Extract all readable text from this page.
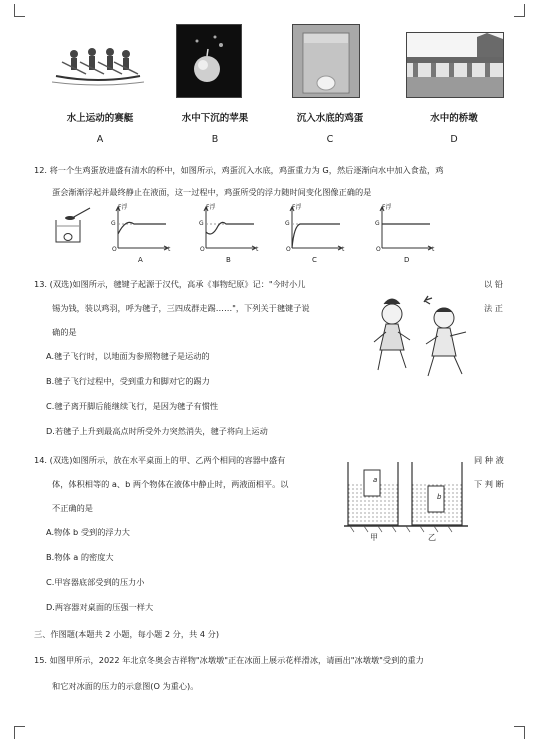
水上运动的赛艇	水中下沉的苹果	沉入水底的鸡蛋	水中的桥墩
A	B	C	D
12. 将一个生鸡蛋放进盛有清水的杯中，如图所示，鸡蛋沉入水底，鸡蛋重力为 G，然后逐渐向水中加入食盐，鸡
蛋会渐渐浮起并最终静止在液面，这一过程中，鸡蛋所受的浮力随时间变化图像正确的是
F浮
G
t
O
F浮
G
t
O
F浮
G
t
O
F浮
G
t
O
A	B	C	D
13. (双选)如图所示，毽键子起源于汉代，高承《事物纪原》记："今时小儿	以 铅
锡为钱，装以鸡羽，呼为毽子，三四成群走踢……"，下列关于毽键子说	法 正
确的是
A.毽子飞行时，以地面为参照物毽子是运动的
B.毽子飞行过程中，受到重力和脚对它的踢力
C.毽子离开脚后能继续飞行，是因为毽子有惯性
D.若毽子上升到最高点时所受外力突然消失，毽子将向上运动
14. (双选)如图所示，放在水平桌面上的甲、乙两个相同的容器中盛有	同 种 液
体，体积相等的 a、b 两个物体在液体中静止时，两液面相平。以	下 判 断
不正确的是
a
b
甲	乙
A.物体 b 受到的浮力大
B.物体 a 的密度大
C.甲容器底部受到的压力小
D.两容器对桌面的压强一样大
三、作图题(本题共 2 小题，每小题 2 分，共 4 分)
15. 如图甲所示，2022 年北京冬奥会吉祥物"冰墩墩"正在冰面上展示花样滑冰，请画出"冰墩墩"受到的重力
和它对冰面的压力的示意图(O 为重心)。
